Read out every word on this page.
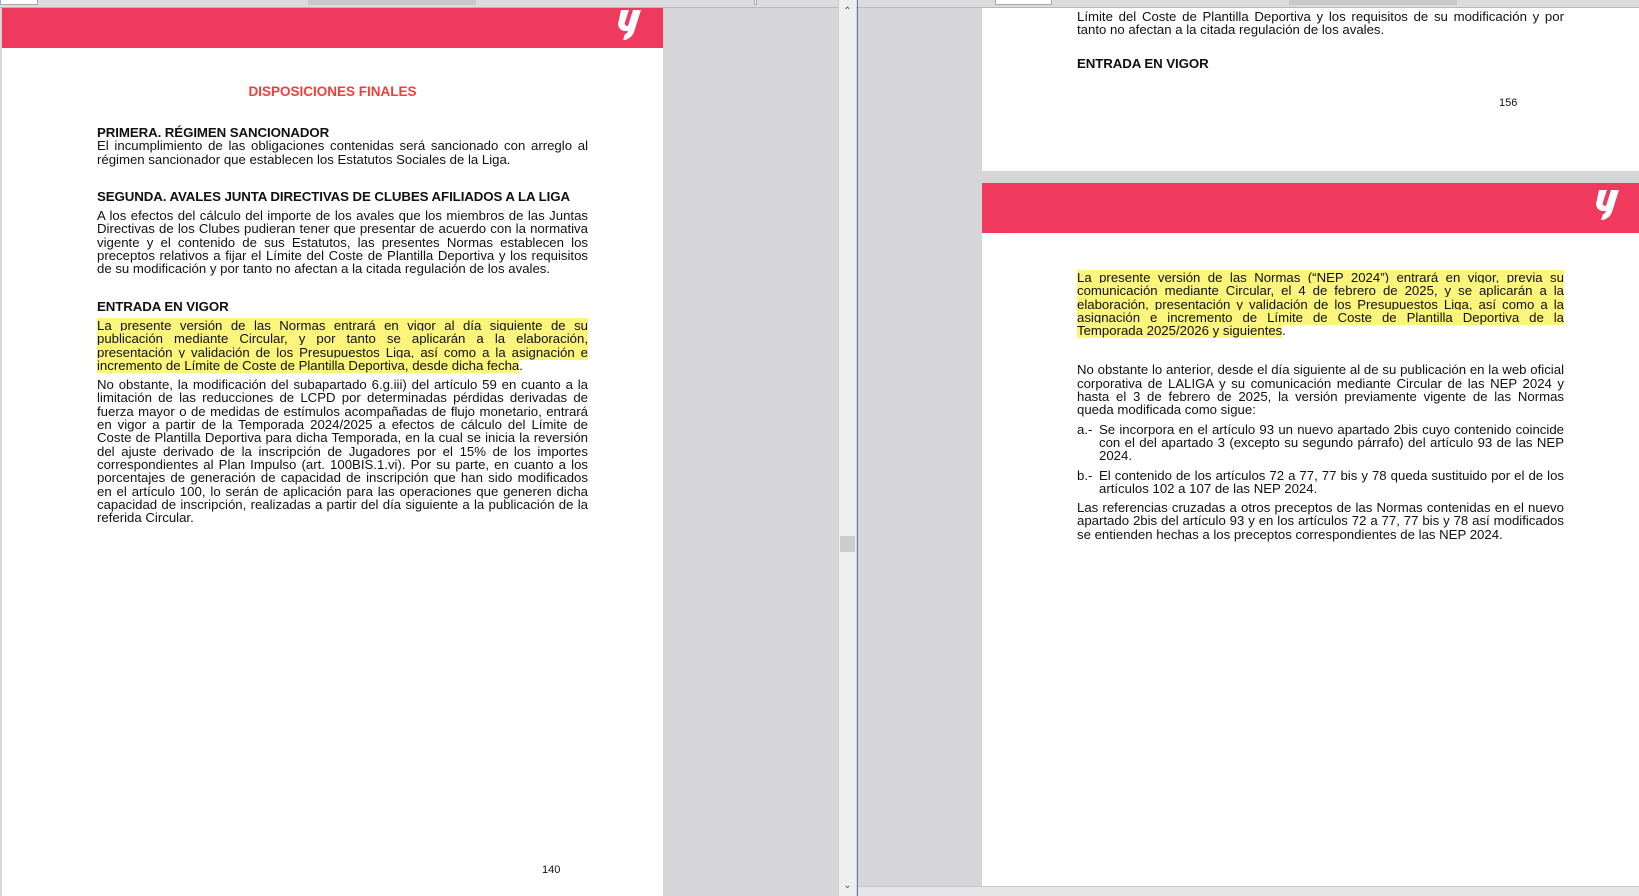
DISPOSICIONES FINALES

PRIMERA. RÉGIMEN SANCIONADOR

El incumplimiento de las obligaciones contenidas será sancionado con arreglo al régimen sancionador que establecen los Estatutos Sociales de la Liga.

SEGUNDA. AVALES JUNTA DIRECTIVAS DE CLUBES AFILIADOS A LA LIGA

A los efectos del cálculo del importe de los avales que los miembros de las Juntas Directivas de los Clubes pudieran tener que presentar de acuerdo con la normativa vigente y el contenido de sus Estatutos, las presentes Normas establecen los preceptos relativos a fijar el Límite del Coste de Plantilla Deportiva y los requisitos de su modificación y por tanto no afectan a la citada regulación de los avales.

ENTRADA EN VIGOR

La presente versión de las Normas entrará en vigor al día siguiente de su publicación mediante Circular, y por tanto se aplicarán a la elaboración, presentación y validación de los Presupuestos Liga, así como a la asignación e incremento de Límite de Coste de Plantilla Deportiva, desde dicha fecha.

No obstante, la modificación del subapartado 6.g.iii) del artículo 59 en cuanto a la limitación de las reducciones de LCPD por determinadas pérdidas derivadas de fuerza mayor o de medidas de estímulos acompañadas de flujo monetario, entrará en vigor a partir de la Temporada 2024/2025 a efectos de cálculo del Límite de Coste de Plantilla Deportiva para dicha Temporada, en la cual se inicia la reversión del ajuste derivado de la inscripción de Jugadores por el 15% de los importes correspondientes al Plan Impulso (art. 100BIS.1.vi). Por su parte, en cuanto a los porcentajes de generación de capacidad de inscripción que han sido modificados en el artículo 100, lo serán de aplicación para las operaciones que generen dicha capacidad de inscripción, realizadas a partir del día siguiente a la publicación de la referida Circular.

140
⌃
⌄

Límite del Coste de Plantilla Deportiva y los requisitos de su modificación y por tanto no afectan a la citada regulación de los avales.

ENTRADA EN VIGOR

156

La presente versión de las Normas (“NEP 2024”) entrará en vigor, previa su comunicación mediante Circular, el 4 de febrero de 2025, y se aplicarán a la elaboración, presentación y validación de los Presupuestos Liga, así como a la asignación e incremento de Límite de Coste de Plantilla Deportiva de la Temporada 2025/2026 y siguientes.

No obstante lo anterior, desde el día siguiente al de su publicación en la web oficial corporativa de LALIGA y su comunicación mediante Circular de las NEP 2024 y hasta el 3 de febrero de 2025, la versión previamente vigente de las Normas queda modificada como sigue:

a.- Se incorpora en el artículo 93 un nuevo apartado 2bis cuyo contenido coincide con el del apartado 3 (excepto su segundo párrafo) del artículo 93 de las NEP 2024.
b.- El contenido de los artículos 72 a 77, 77 bis y 78 queda sustituido por el de los artículos 102 a 107 de las NEP 2024.

Las referencias cruzadas a otros preceptos de las Normas contenidas en el nuevo apartado 2bis del artículo 93 y en los artículos 72 a 77, 77 bis y 78 así modificados se entienden hechas a los preceptos correspondientes de las NEP 2024.
